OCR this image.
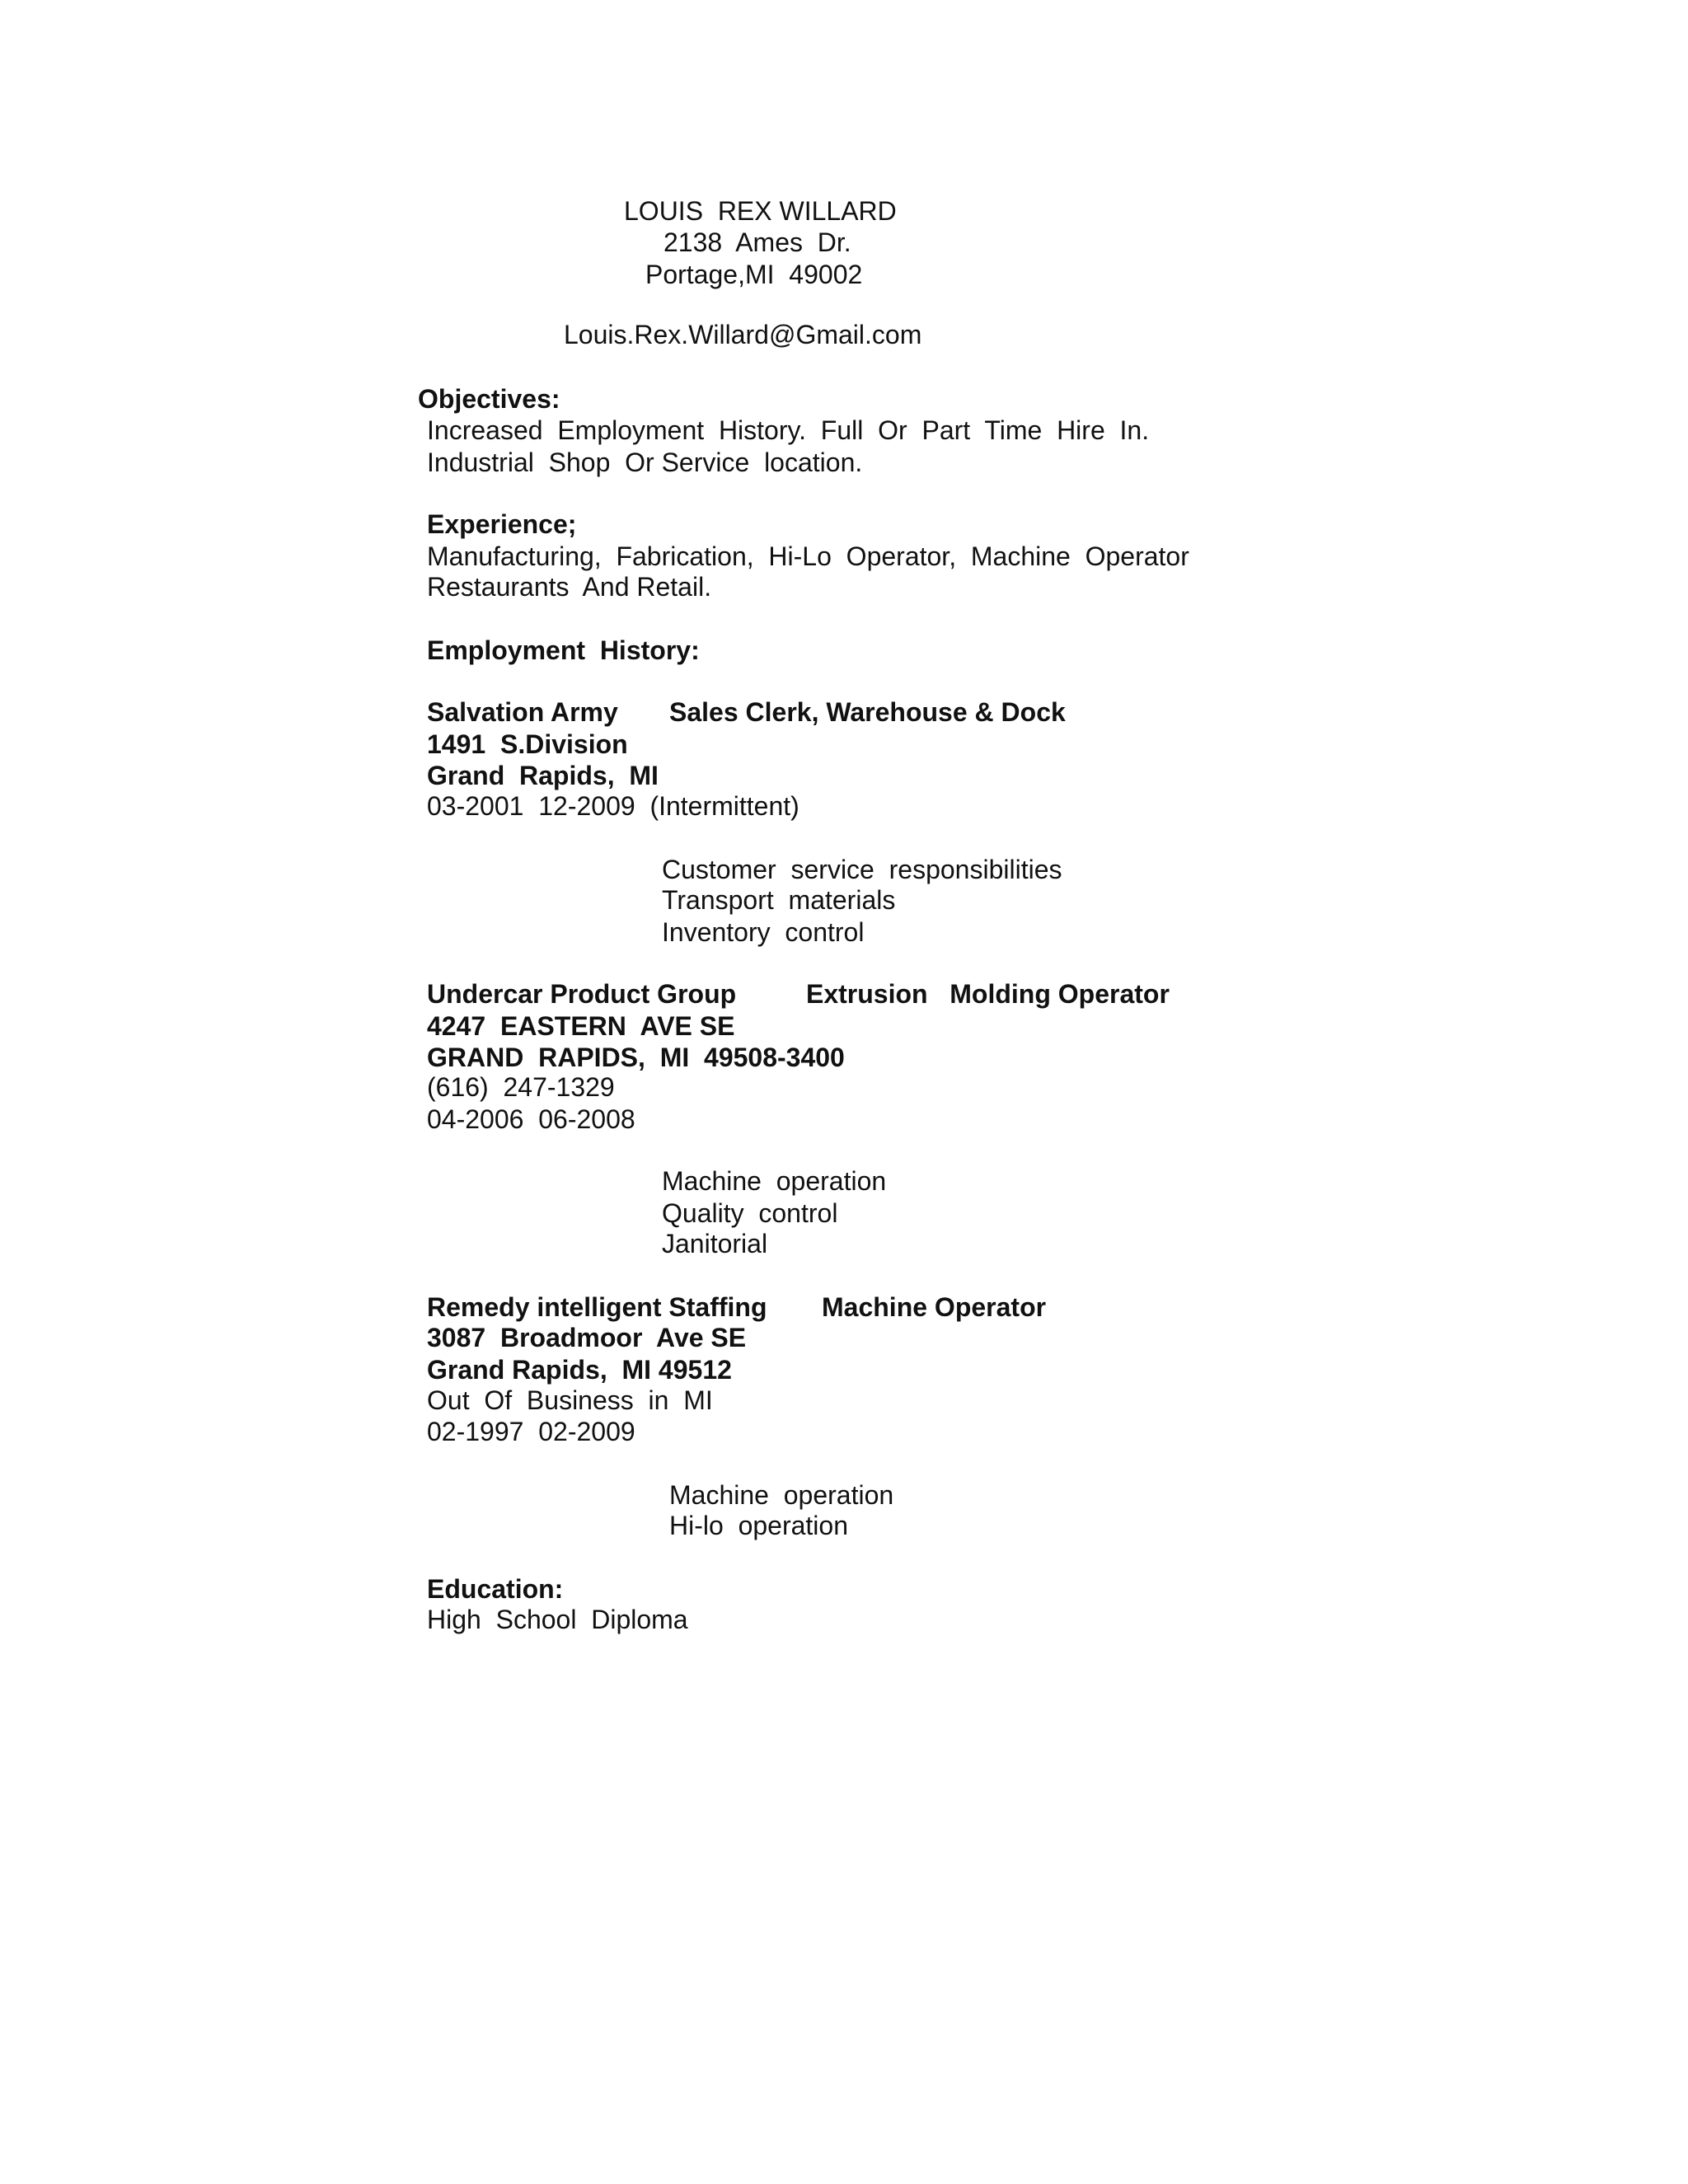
LOUIS  REX WILLARD

2138  Ames  Dr.

Portage,MI  49002

Louis.Rex.Willard@Gmail.com

Objectives:

Increased  Employment  History.  Full  Or  Part  Time  Hire  In.

Industrial  Shop  Or Service  location.

Experience;

Manufacturing,  Fabrication,  Hi-Lo  Operator,  Machine  Operator

Restaurants  And Retail.

Employment  History:

Salvation Army Sales Clerk, Warehouse & Dock

1491  S.Division

Grand  Rapids,  MI

03-2001  12-2009  (Intermittent)

Customer  service  responsibilities

Transport  materials

Inventory  control

Undercar Product Group	Extrusion   Molding Operator

4247  EASTERN  AVE SE

GRAND  RAPIDS,  MI  49508-3400

(616)  247-1329

04-2006  06-2008

Machine  operation

Quality  control

Janitorial

Remedy intelligent Staffing Machine Operator

3087  Broadmoor  Ave SE

Grand Rapids,  MI 49512

Out  Of  Business  in  MI

02-1997  02-2009

Machine  operation

Hi-lo  operation

Education:

High  School  Diploma
